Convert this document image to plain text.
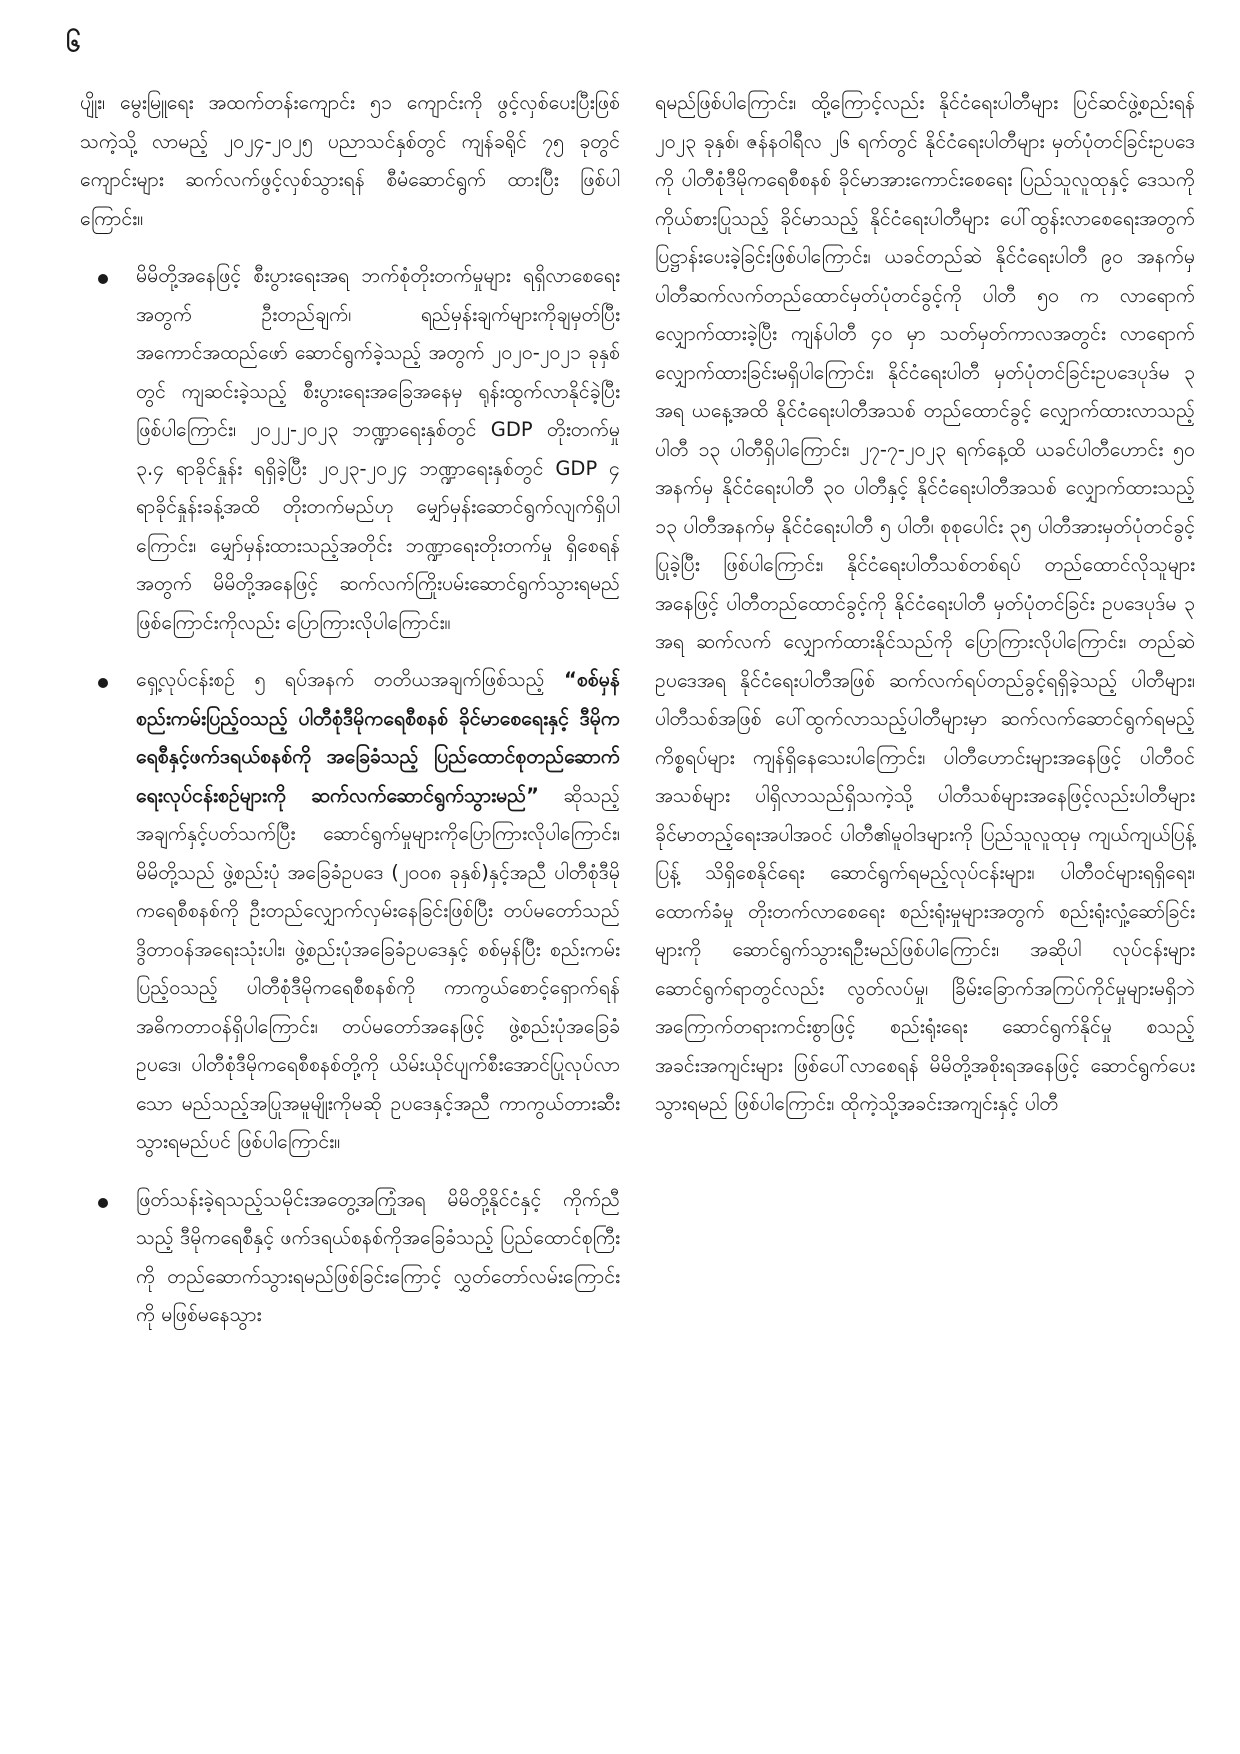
၆

ပျိုး၊ မွေးမြူရေး အထက်တန်းကျောင်း ၅၁ ကျောင်းကို ဖွင့်လှစ်ပေးပြီးဖြစ်သကဲ့သို့ လာမည့် ၂၀၂၄-၂၀၂၅ ပညာသင်နှစ်တွင် ကျန်ခရိုင် ၇၅ ခုတွင် ကျောင်းများ ဆက်လက်ဖွင့်လှစ်သွားရန် စီမံဆောင်ရွက် ထားပြီး ဖြစ်ပါကြောင်း။

မိမိတို့အနေဖြင့် စီးပွားရေးအရ ဘက်စုံတိုးတက်မှုများ ရရှိလာစေရေးအတွက် ဦးတည်ချက်၊ ရည်မှန်းချက်များကိုချမှတ်ပြီး အကောင်အထည်ဖော် ဆောင်ရွက်ခဲ့သည့် အတွက် ၂၀၂၀-၂၀၂၁ ခုနှစ်တွင် ကျဆင်းခဲ့သည့် စီးပွားရေးအခြေအနေမှ ရုန်းထွက်လာနိုင်ခဲ့ပြီး ဖြစ်ပါကြောင်း၊ ၂၀၂၂-၂၀၂၃ ဘဏ္ဍာရေးနှစ်တွင် GDP တိုးတက်မှု ၃.၄ ရာခိုင်နှုန်း ရရှိခဲ့ပြီး ၂၀၂၃-၂၀၂၄ ဘဏ္ဍာရေးနှစ်တွင် GDP ၄ ရာခိုင်နှုန်းခန့်အထိ တိုးတက်မည်ဟု မျှော်မှန်းဆောင်ရွက်လျက်ရှိပါကြောင်း၊ မျှော်မှန်းထားသည့်အတိုင်း ဘဏ္ဍာရေးတိုးတက်မှု ရှိစေရန်အတွက် မိမိတို့အနေဖြင့် ဆက်လက်ကြိုးပမ်းဆောင်ရွက်သွားရမည်ဖြစ်ကြောင်းကိုလည်း ပြောကြားလိုပါကြောင်း။
ရှေ့လုပ်ငန်းစဉ် ၅ ရပ်အနက် တတိယအချက်ဖြစ်သည့် “စစ်မှန်စည်းကမ်းပြည့်ဝသည့် ပါတီစုံဒီမိုကရေစီစနစ် ခိုင်မာစေရေးနှင့် ဒီမိုကရေစီနှင့်ဖက်ဒရယ်စနစ်ကို အခြေခံသည့် ပြည်ထောင်စုတည်ဆောက်ရေးလုပ်ငန်းစဉ်များကို ဆက်လက်ဆောင်ရွက်သွားမည်” ဆိုသည့် အချက်နှင့်ပတ်သက်ပြီး ဆောင်ရွက်မှုများကိုပြောကြားလိုပါကြောင်း၊ မိမိတို့သည် ဖွဲ့စည်းပုံ အခြေခံဥပဒေ (၂၀၀၈ ခုနှစ်)နှင့်အညီ ပါတီစုံဒီမိုကရေစီစနစ်ကို ဦးတည်လျှောက်လှမ်းနေခြင်းဖြစ်ပြီး တပ်မတော်သည် ဒွိတာဝန်အရေးသုံးပါး၊ ဖွဲ့စည်းပုံအခြေခံဥပဒေနှင့် စစ်မှန်ပြီး စည်းကမ်းပြည့်ဝသည့် ပါတီစုံဒီမိုကရေစီစနစ်ကို ကာကွယ်စောင့်ရှောက်ရန် အဓိကတာဝန်ရှိပါကြောင်း၊ တပ်မတော်အနေဖြင့် ဖွဲ့စည်းပုံအခြေခံဥပဒေ၊ ပါတီစုံဒီမိုကရေစီစနစ်တို့ကို ယိမ်းယိုင်ပျက်စီးအောင်ပြုလုပ်လာသော မည်သည့်အပြုအမူမျိုးကိုမဆို ဥပဒေနှင့်အညီ ကာကွယ်တားဆီးသွားရမည်ပင် ဖြစ်ပါကြောင်း။
ဖြတ်သန်းခဲ့ရသည့်သမိုင်းအတွေ့အကြုံအရ မိမိတို့နိုင်ငံနှင့် ကိုက်ညီသည့် ဒီမိုကရေစီနှင့် ဖက်ဒရယ်စနစ်ကိုအခြေခံသည့် ပြည်ထောင်စုကြီးကို တည်ဆောက်သွားရမည်ဖြစ်ခြင်းကြောင့် လွှတ်တော်လမ်းကြောင်းကို မဖြစ်မနေသွား

ရမည်ဖြစ်ပါကြောင်း၊ ထို့ကြောင့်လည်း နိုင်ငံရေးပါတီများ ပြင်ဆင်ဖွဲ့စည်းရန် ၂၀၂၃ ခုနှစ်၊ ဇန်နဝါရီလ ၂၆ ရက်တွင် နိုင်ငံရေးပါတီများ မှတ်ပုံတင်ခြင်းဥပဒေကို ပါတီစုံဒီမိုကရေစီစနစ် ခိုင်မာအားကောင်းစေရေး ပြည်သူလူထုနှင့် ဒေသကိုကိုယ်စားပြုသည့် ခိုင်မာသည့် နိုင်ငံရေးပါတီများ ပေါ်ထွန်းလာစေရေးအတွက် ပြဋ္ဌာန်းပေးခဲ့ခြင်းဖြစ်ပါကြောင်း၊ ယခင်တည်ဆဲ နိုင်ငံရေးပါတီ ၉၀ အနက်မှ ပါတီဆက်လက်တည်ထောင်မှတ်ပုံတင်ခွင့်ကို ပါတီ ၅၀ က လာရောက်လျှောက်ထားခဲ့ပြီး ကျန်ပါတီ ၄၀ မှာ သတ်မှတ်ကာလအတွင်း လာရောက်လျှောက်ထားခြင်းမရှိပါကြောင်း၊ နိုင်ငံရေးပါတီ မှတ်ပုံတင်ခြင်းဥပဒေပုဒ်မ ၃ အရ ယနေ့အထိ နိုင်ငံရေးပါတီအသစ် တည်ထောင်ခွင့် လျှောက်ထားလာသည့်ပါတီ ၁၃ ပါတီရှိပါကြောင်း၊ ၂၇-၇-၂၀၂၃ ရက်နေ့ထိ ယခင်ပါတီဟောင်း ၅၀ အနက်မှ နိုင်ငံရေးပါတီ ၃၀ ပါတီနှင့် နိုင်ငံရေးပါတီအသစ် လျှောက်ထားသည့် ၁၃ ပါတီအနက်မှ နိုင်ငံရေးပါတီ ၅ ပါတီ၊ စုစုပေါင်း ၃၅ ပါတီအားမှတ်ပုံတင်ခွင့်ပြုခဲ့ပြီး ဖြစ်ပါကြောင်း၊ နိုင်ငံရေးပါတီသစ်တစ်ရပ် တည်ထောင်လိုသူများအနေဖြင့် ပါတီတည်ထောင်ခွင့်ကို နိုင်ငံရေးပါတီ မှတ်ပုံတင်ခြင်း ဥပဒေပုဒ်မ ၃ အရ ဆက်လက် လျှောက်ထားနိုင်သည်ကို ပြောကြားလိုပါကြောင်း၊ တည်ဆဲဥပဒေအရ နိုင်ငံရေးပါတီအဖြစ် ဆက်လက်ရပ်တည်ခွင့်ရရှိခဲ့သည့် ပါတီများ၊ ပါတီသစ်အဖြစ် ပေါ်ထွက်လာသည့်ပါတီများမှာ ဆက်လက်ဆောင်ရွက်ရမည့်ကိစ္စရပ်များ ကျန်ရှိနေသေးပါကြောင်း၊ ပါတီဟောင်းများအနေဖြင့် ပါတီဝင်အသစ်များ ပါရှိလာသည်ရှိသကဲ့သို့ ပါတီသစ်များအနေဖြင့်လည်းပါတီများ ခိုင်မာတည့်ရေးအပါအဝင် ပါတီ၏မူဝါဒများကို ပြည်သူလူထုမှ ကျယ်ကျယ်ပြန့်ပြန့် သိရှိစေနိုင်ရေး ဆောင်ရွက်ရမည့်လုပ်ငန်းများ၊ ပါတီဝင်များရရှိရေး၊ ထောက်ခံမှု တိုးတက်လာစေရေး စည်းရုံးမှုများအတွက် စည်းရုံးလှုံ့ဆော်ခြင်းများကို ဆောင်ရွက်သွားရဦးမည်ဖြစ်ပါကြောင်း၊ အဆိုပါ လုပ်ငန်းများဆောင်ရွက်ရာတွင်လည်း လွတ်လပ်မှု၊ ခြိမ်းခြောက်အကြပ်ကိုင်မှုများမရှိဘဲ အကြောက်တရားကင်းစွာဖြင့် စည်းရုံးရေး ဆောင်ရွက်နိုင်မှု စသည့်အခင်းအကျင်းများ ဖြစ်ပေါ်လာစေရန် မိမိတို့အစိုးရအနေဖြင့် ဆောင်ရွက်ပေးသွားရမည် ဖြစ်ပါကြောင်း၊ ထိုကဲ့သို့အခင်းအကျင်းနှင့် ပါတီ
